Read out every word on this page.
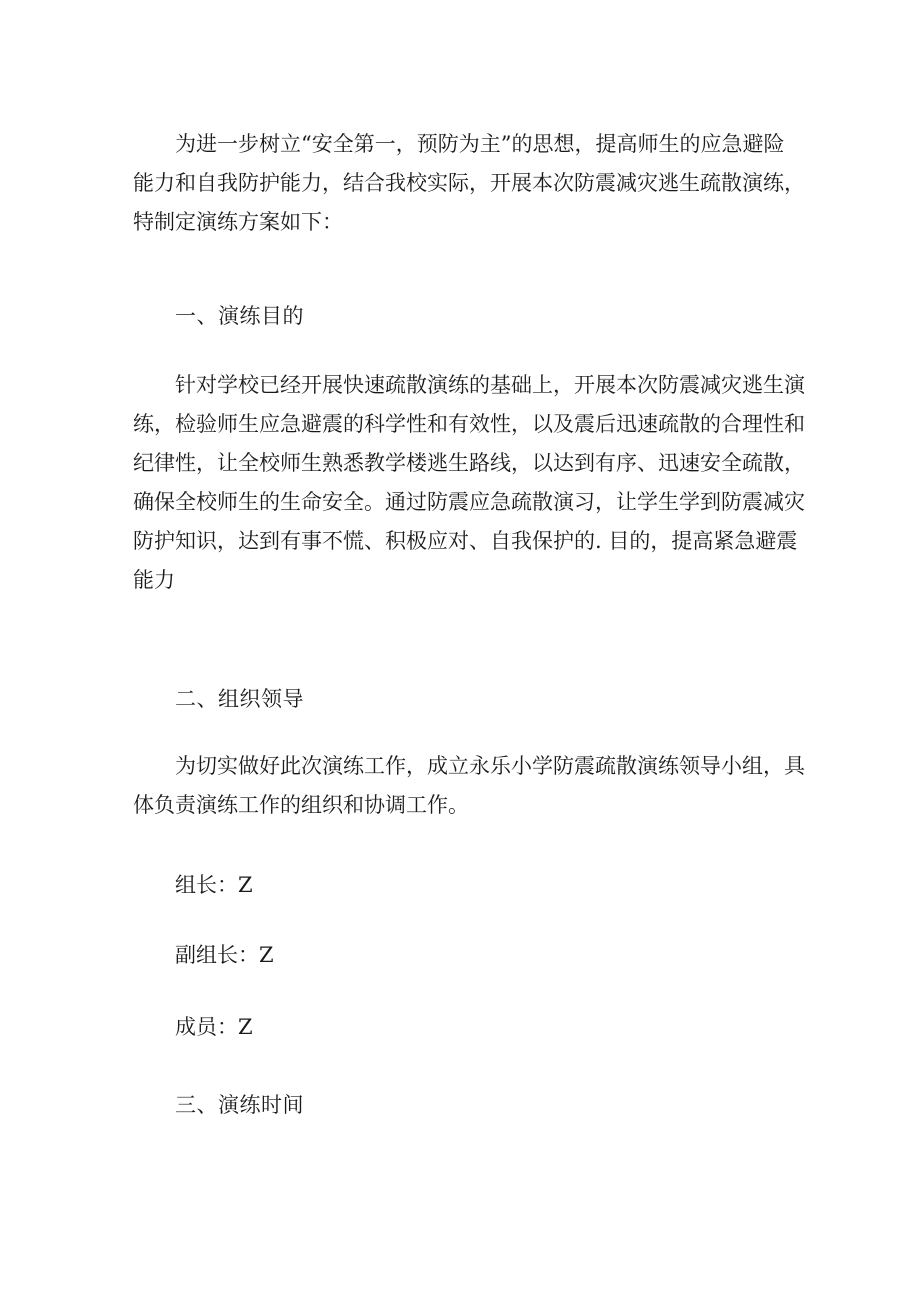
为进一步树立“安全第一，预防为主”的思想，提高师生的应急避险
能力和自我防护能力，结合我校实际，开展本次防震减灾逃生疏散演练，
特制定演练方案如下：

一、演练目的

针对学校已经开展快速疏散演练的基础上，开展本次防震减灾逃生演
练，检验师生应急避震的科学性和有效性，以及震后迅速疏散的合理性和
纪律性，让全校师生熟悉教学楼逃生路线，以达到有序、迅速安全疏散，
确保全校师生的生命安全。通过防震应急疏散演习，让学生学到防震减灾
防护知识，达到有事不慌、积极应对、自我保护的. 目的，提高紧急避震
能力

二、组织领导

为切实做好此次演练工作，成立永乐小学防震疏散演练领导小组，具
体负责演练工作的组织和协调工作。

组长：Z

副组长：Z

成员：Z

三、演练时间
